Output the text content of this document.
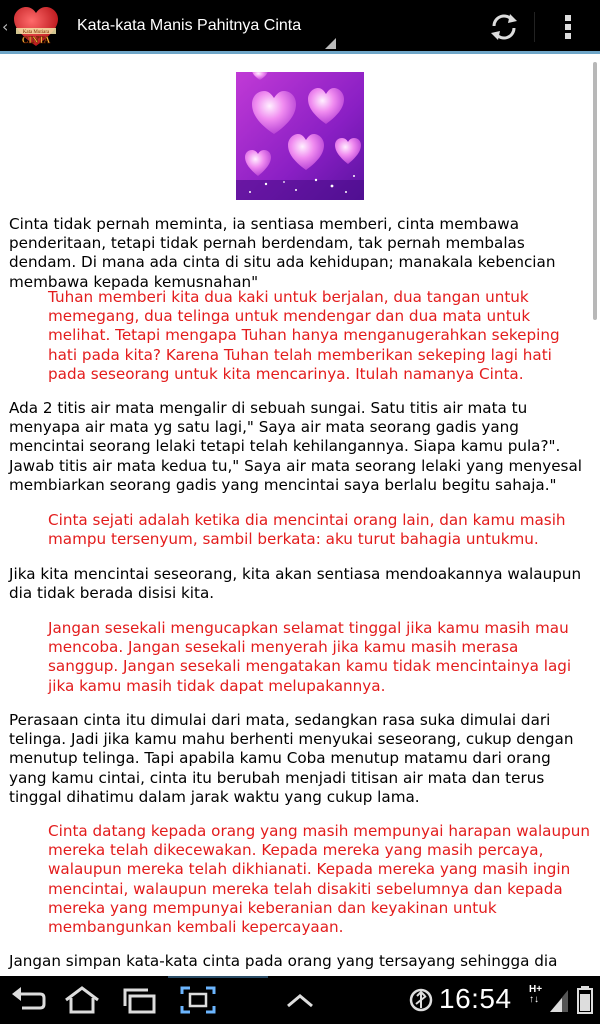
‹	Kata Mutiara
CINTA
Kata-kata Manis Pahitnya Cinta

Cinta tidak pernah meminta, ia sentiasa memberi, cinta membawa penderitaan, tetapi tidak pernah berdendam, tak pernah membalas dendam. Di mana ada cinta di situ ada kehidupan; manakala kebencian membawa kepada kemusnahan"

Tuhan memberi kita dua kaki untuk berjalan, dua tangan untuk memegang, dua telinga untuk mendengar dan dua mata untuk melihat. Tetapi mengapa Tuhan hanya menganugerahkan sekeping hati pada kita? Karena Tuhan telah memberikan sekeping lagi hati pada seseorang untuk kita mencarinya. Itulah namanya Cinta.

Ada 2 titis air mata mengalir di sebuah sungai. Satu titis air mata tu menyapa air mata yg satu lagi," Saya air mata seorang gadis yang mencintai seorang lelaki tetapi telah kehilangannya. Siapa kamu pula?". Jawab titis air mata kedua tu," Saya air mata seorang lelaki yang menyesal membiarkan seorang gadis yang mencintai saya berlalu begitu sahaja."

Cinta sejati adalah ketika dia mencintai orang lain, dan kamu masih mampu tersenyum, sambil berkata: aku turut bahagia untukmu.

Jika kita mencintai seseorang, kita akan sentiasa mendoakannya walaupun dia tidak berada disisi kita.

Jangan sesekali mengucapkan selamat tinggal jika kamu masih mau mencoba. Jangan sesekali menyerah jika kamu masih merasa sanggup. Jangan sesekali mengatakan kamu tidak mencintainya lagi jika kamu masih tidak dapat melupakannya.

Perasaan cinta itu dimulai dari mata, sedangkan rasa suka dimulai dari telinga. Jadi jika kamu mahu berhenti menyukai seseorang, cukup dengan menutup telinga. Tapi apabila kamu Coba menutup matamu dari orang yang kamu cintai, cinta itu berubah menjadi titisan air mata dan terus tinggal dihatimu dalam jarak waktu yang cukup lama.

Cinta datang kepada orang yang masih mempunyai harapan walaupun mereka telah dikecewakan. Kepada mereka yang masih percaya, walaupun mereka telah dikhianati. Kepada mereka yang masih ingin mencintai, walaupun mereka telah disakiti sebelumnya dan kepada mereka yang mempunyai keberanian dan keyakinan untuk membangunkan kembali kepercayaan.

Jangan simpan kata-kata cinta pada orang yang tersayang sehingga dia

16:54 H+
↑↓
